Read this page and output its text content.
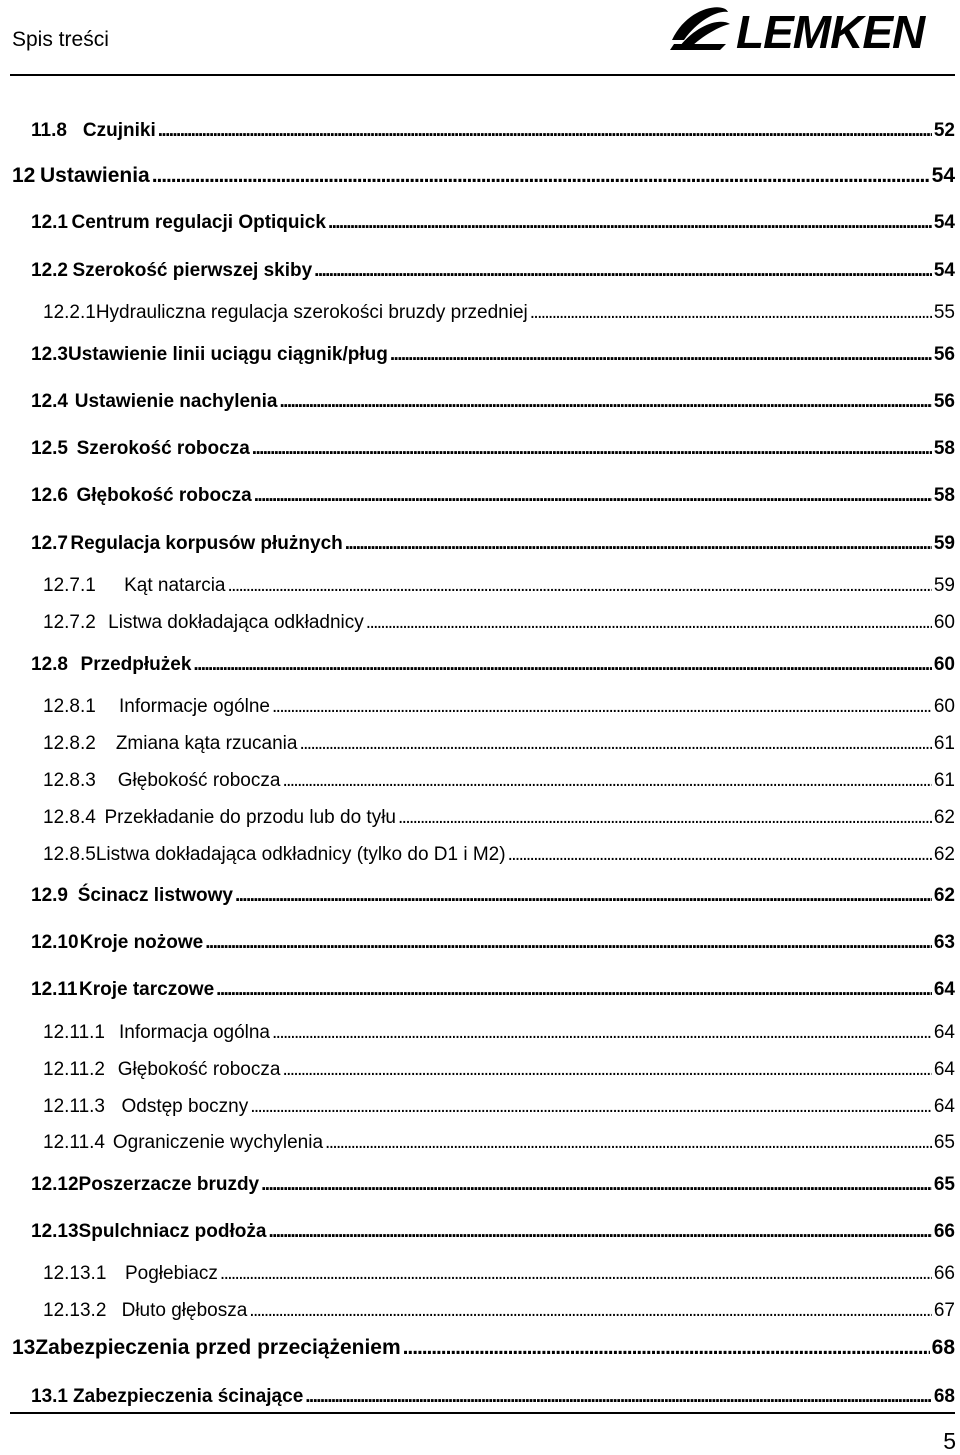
Spis treści	LEMKEN
11.8 Czujniki . . .	52
12 Ustawienia . . .	54
12.1 Centrum regulacji Optiquick . . .	54
12.2 Szerokość pierwszej skiby . . .	54
12.2.1 Hydrauliczna regulacja szerokości bruzdy przedniej . . .	55
12.3 Ustawienie linii uciągu ciągnik/pług . . .	56
12.4 Ustawienie nachylenia . . .	56
12.5 Szerokość robocza . . .	58
12.6 Głębokość robocza . . .	58
12.7 Regulacja korpusów płużnych . . .	59
12.7.1	Kąt natarcia . . .	59
12.7.2 Listwa dokładająca odkładnicy . . .	60
12.8 Przedpłużek . . .	60
12.8.1	Informacje ogólne . . .	60
12.8.2	Zmiana kąta rzucania . . .	61
12.8.3	Głębokość robocza . . .	61
12.8.4 Przekładanie do przodu lub do tyłu . . .	62
12.8.5 Listwa dokładająca odkładnicy (tylko do D1 i M2) . . .	62
12.9 Ścinacz listwowy . . .	62
12.10 Kroje nożowe . . .	63
12.11 Kroje tarczowe . . .	64
12.11.1 Informacja ogólna . . .	64
12.11.2 Głębokość robocza . . .	64
12.11.3 Odstęp boczny . . .	64
12.11.4 Ograniczenie wychylenia . . .	65
12.12 Poszerzacze bruzdy . . .	65
12.13 Spulchniacz podłoża . . .	66
12.13.1 Pogłebiacz . . .	66
12.13.2 Dłuto głębosza . . .	67
13 Zabezpieczenia przed przeciążeniem . . .	68
13.1 Zabezpieczenia ścinające . . .	68
5
